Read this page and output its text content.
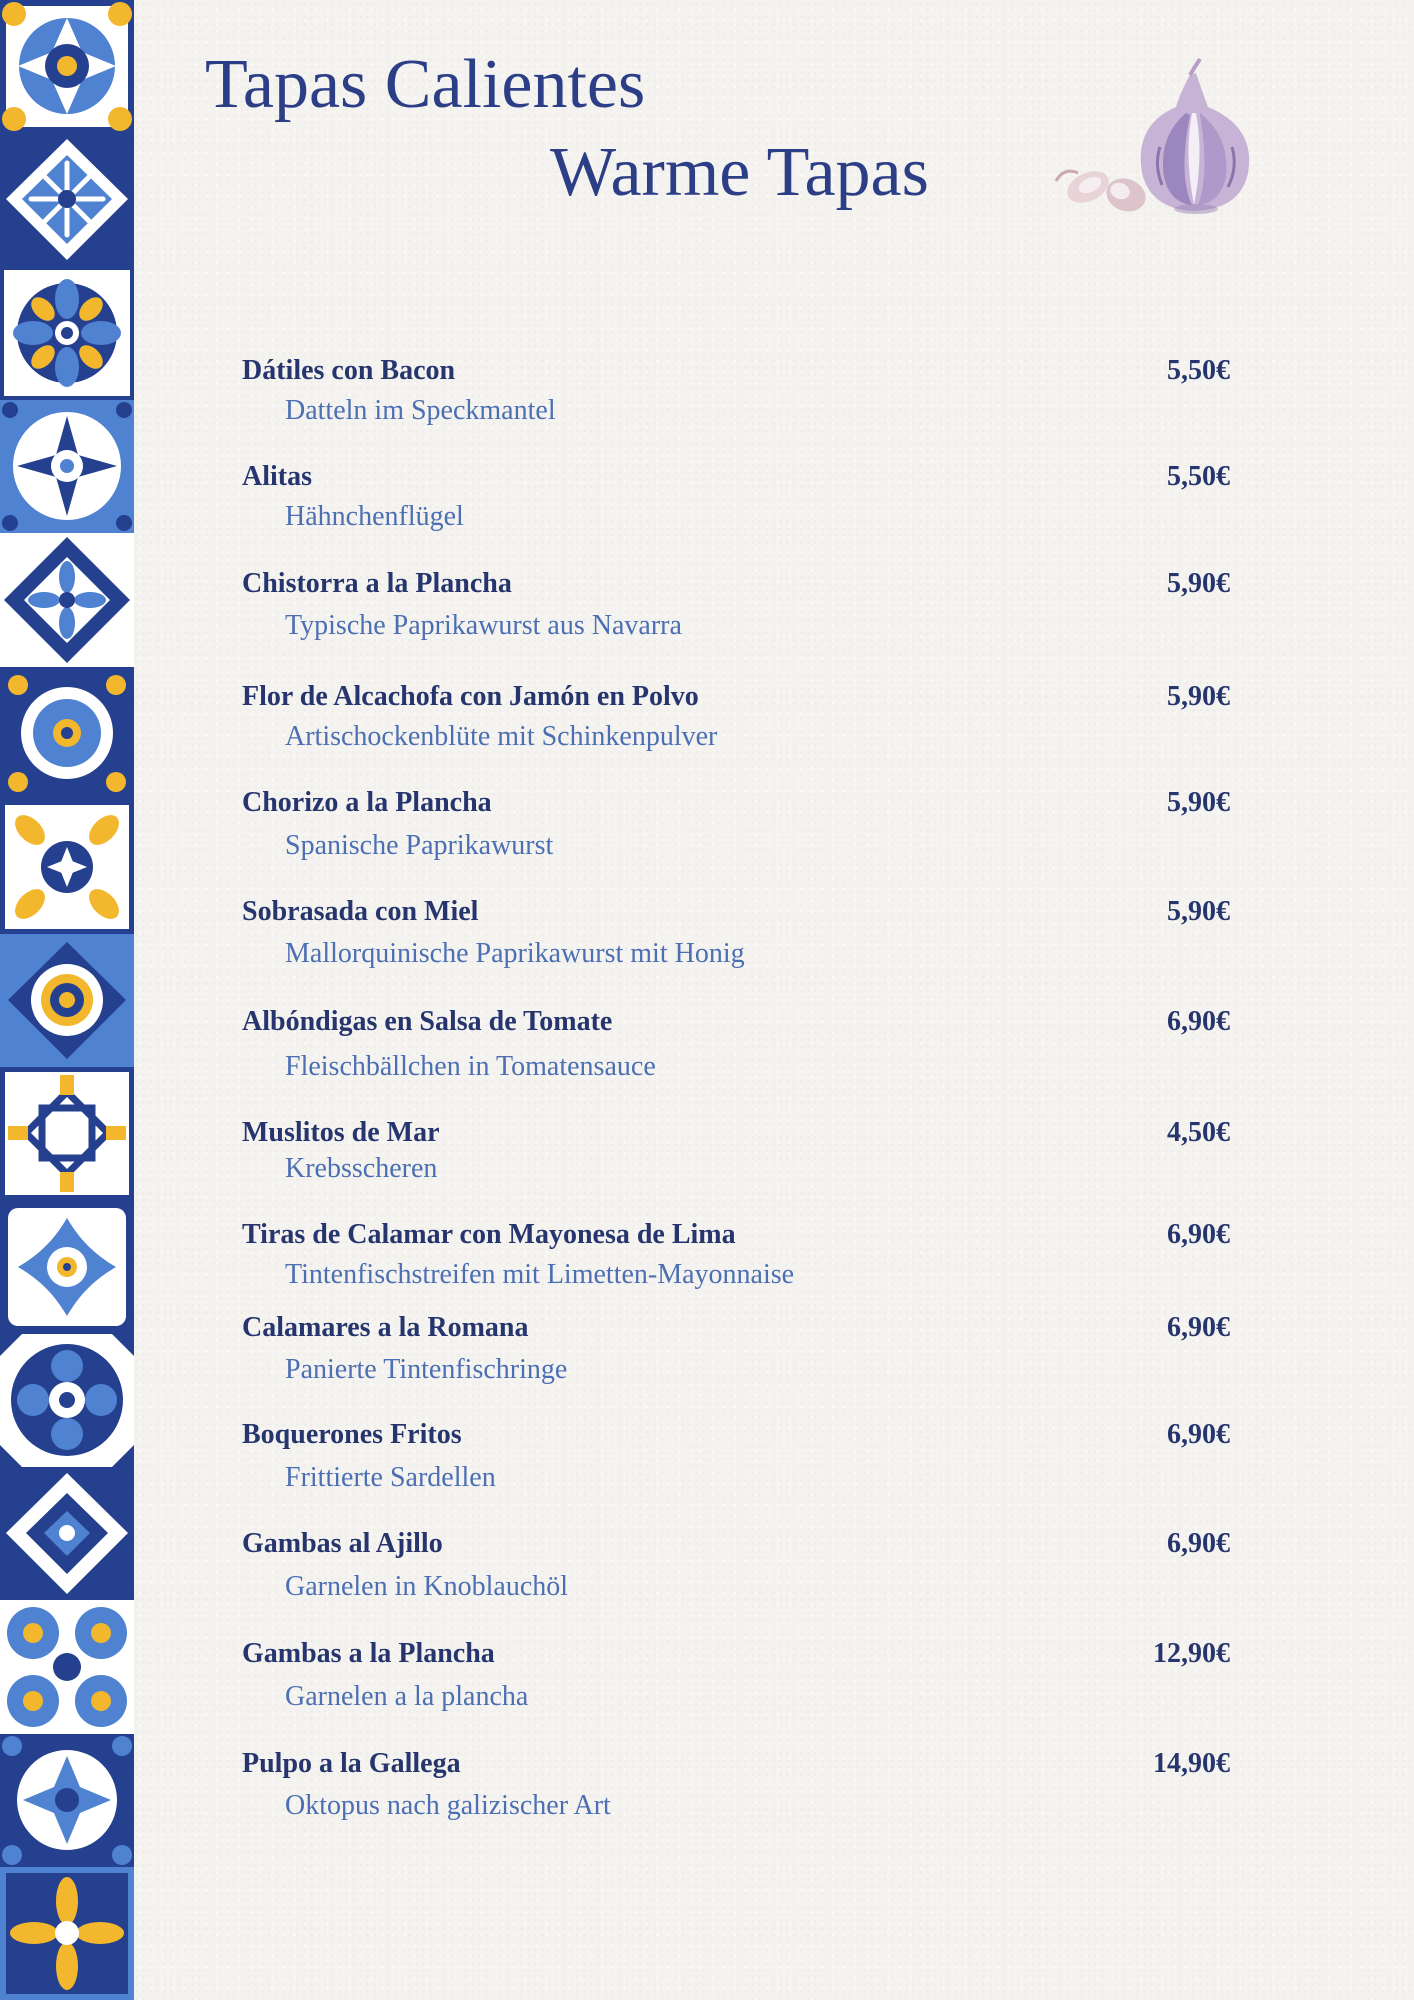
Tapas Calientes
Warme Tapas
Dátiles con Bacon	5,50€
Datteln im Speckmantel
Alitas	5,50€
Hähnchenflügel
Chistorra a la Plancha	5,90€
Typische Paprikawurst aus Navarra
Flor de Alcachofa con Jamón en Polvo	5,90€
Artischockenblüte mit Schinkenpulver
Chorizo a la Plancha	5,90€
Spanische Paprikawurst
Sobrasada con Miel	5,90€
Mallorquinische Paprikawurst mit Honig
Albóndigas en Salsa de Tomate	6,90€
Fleischbällchen in Tomatensauce
Muslitos de Mar	4,50€
Krebsscheren
Tiras de Calamar con Mayonesa de Lima	6,90€
Tintenfischstreifen mit Limetten-Mayonnaise
Calamares a la Romana	6,90€
Panierte Tintenfischringe
Boquerones Fritos	6,90€
Frittierte Sardellen
Gambas al Ajillo	6,90€
Garnelen in Knoblauchöl
Gambas a la Plancha	12,90€
Garnelen a la plancha
Pulpo a la Gallega	14,90€
Oktopus nach galizischer Art
